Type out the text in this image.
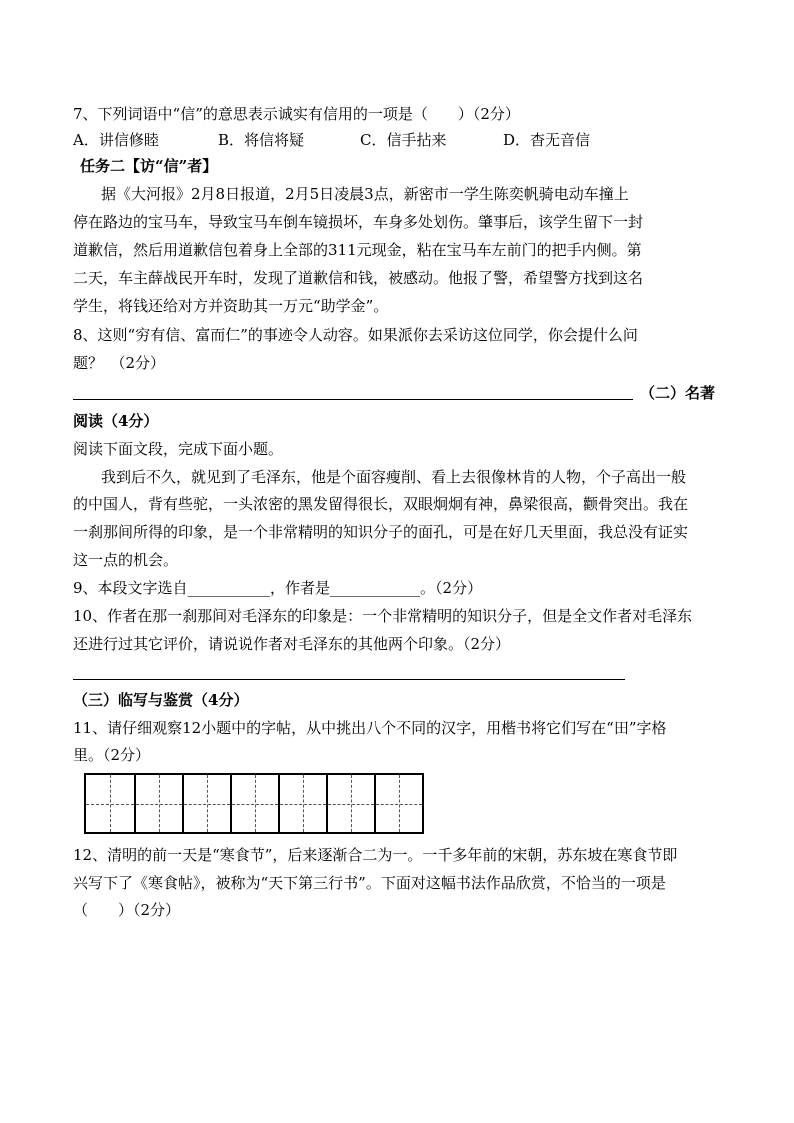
7、下列词语中“信”的意思表示诚实有信用的一项是（　　）（2分）
A．讲信修睦	B．将信将疑	C．信手拈来	D．杳无音信
任务二【访“信”者】
据《大河报》2月8日报道，2月5日凌晨3点，新密市一学生陈奕帆骑电动车撞上
停在路边的宝马车，导致宝马车倒车镜损坏，车身多处划伤。肇事后，该学生留下一封
道歉信，然后用道歉信包着身上全部的311元现金，粘在宝马车左前门的把手内侧。第
二天，车主薛战民开车时，发现了道歉信和钱，被感动。他报了警，希望警方找到这名
学生，将钱还给对方并资助其一万元“助学金”。
8、这则“穷有信、富而仁”的事迹令人动容。如果派你去采访这位同学，你会提什么问
题？　（2分）
（二）名著
阅读（4分）
阅读下面文段，完成下面小题。
我到后不久，就见到了毛泽东，他是个面容瘦削、看上去很像林肯的人物，个子高出一般
的中国人，背有些驼，一头浓密的黑发留得很长，双眼炯炯有神，鼻梁很高，颧骨突出。我在
一刹那间所得的印象，是一个非常精明的知识分子的面孔，可是在好几天里面，我总没有证实
这一点的机会。
9、本段文字选自___________，作者是____________。（2分）
10、作者在那一刹那间对毛泽东的印象是：一个非常精明的知识分子，但是全文作者对毛泽东
还进行过其它评价，请说说作者对毛泽东的其他两个印象。（2分）
（三）临写与鉴赏（4分）
11、请仔细观察12小题中的字帖，从中挑出八个不同的汉字，用楷书将它们写在“田”字格
里。（2分）
12、清明的前一天是“寒食节”，后来逐渐合二为一。一千多年前的宋朝，苏东坡在寒食节即
兴写下了《寒食帖》，被称为“天下第三行书”。下面对这幅书法作品欣赏，不恰当的一项是
（　　）（2分）
